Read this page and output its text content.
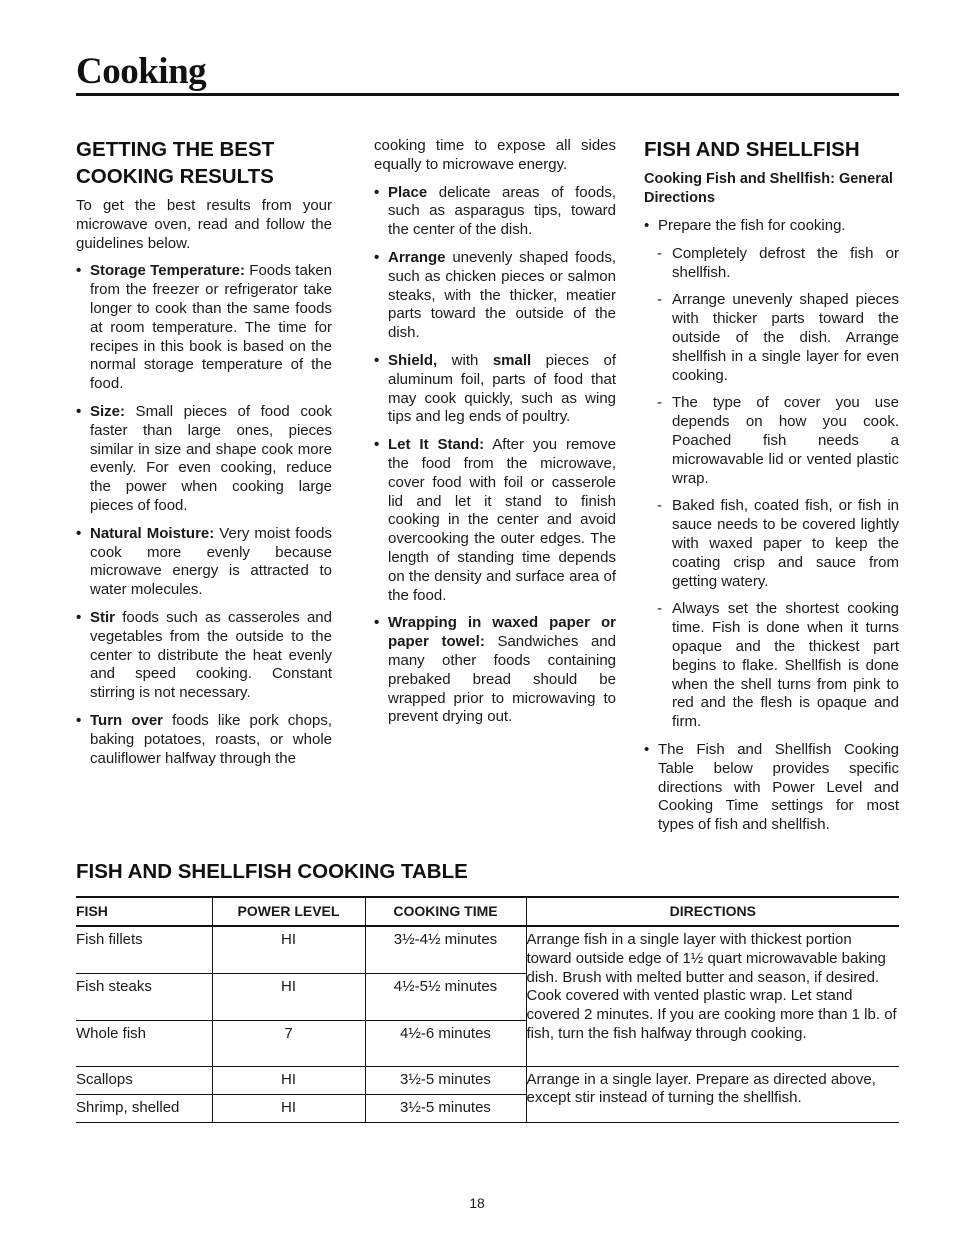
Cooking
GETTING THE BEST COOKING RESULTS
To get the best results from your microwave oven, read and follow the guidelines below.
• Storage Temperature: Foods taken from the freezer or refrigerator take longer to cook than the same foods at room temperature. The time for recipes in this book is based on the normal storage temperature of the food.
• Size: Small pieces of food cook faster than large ones, pieces similar in size and shape cook more evenly. For even cooking, reduce the power when cooking large pieces of food.
• Natural Moisture: Very moist foods cook more evenly because microwave energy is attracted to water molecules.
• Stir foods such as casseroles and vegetables from the outside to the center to distribute the heat evenly and speed cooking. Constant stirring is not necessary.
• Turn over foods like pork chops, baking potatoes, roasts, or whole cauliflower halfway through the
cooking time to expose all sides equally to microwave energy.
• Place delicate areas of foods, such as asparagus tips, toward the center of the dish.
• Arrange unevenly shaped foods, such as chicken pieces or salmon steaks, with the thicker, meatier parts toward the outside of the dish.
• Shield, with small pieces of aluminum foil, parts of food that may cook quickly, such as wing tips and leg ends of poultry.
• Let It Stand: After you remove the food from the microwave, cover food with foil or casserole lid and let it stand to finish cooking in the center and avoid overcooking the outer edges. The length of standing time depends on the density and surface area of the food.
• Wrapping in waxed paper or paper towel: Sandwiches and many other foods containing prebaked bread should be wrapped prior to microwaving to prevent drying out.
FISH AND SHELLFISH
Cooking Fish and Shellfish: General Directions
• Prepare the fish for cooking.
- Completely defrost the fish or shellfish.
- Arrange unevenly shaped pieces with thicker parts toward the outside of the dish. Arrange shellfish in a single layer for even cooking.
- The type of cover you use depends on how you cook. Poached fish needs a microwavable lid or vented plastic wrap.
- Baked fish, coated fish, or fish in sauce needs to be covered lightly with waxed paper to keep the coating crisp and sauce from getting watery.
- Always set the shortest cooking time. Fish is done when it turns opaque and the thickest part begins to flake. Shellfish is done when the shell turns from pink to red and the flesh is opaque and firm.
• The Fish and Shellfish Cooking Table below provides specific directions with Power Level and Cooking Time settings for most types of fish and shellfish.
FISH AND SHELLFISH COOKING TABLE
FISH	POWER LEVEL	COOKING TIME	DIRECTIONS
Fish fillets	HI	3½-4½ minutes	Arrange fish in a single layer with thickest portion toward outside edge of 1½ quart microwavable baking dish. Brush with melted butter and season, if desired. Cook covered with vented plastic wrap. Let stand covered 2 minutes. If you are cooking more than 1 lb. of fish, turn the fish halfway through cooking.
Fish steaks	HI	4½-5½ minutes	
Whole fish	7	4½-6 minutes	
Scallops	HI	3½-5 minutes	Arrange in a single layer. Prepare as directed above, except stir instead of turning the shellfish.
Shrimp, shelled	HI	3½-5 minutes	
18
